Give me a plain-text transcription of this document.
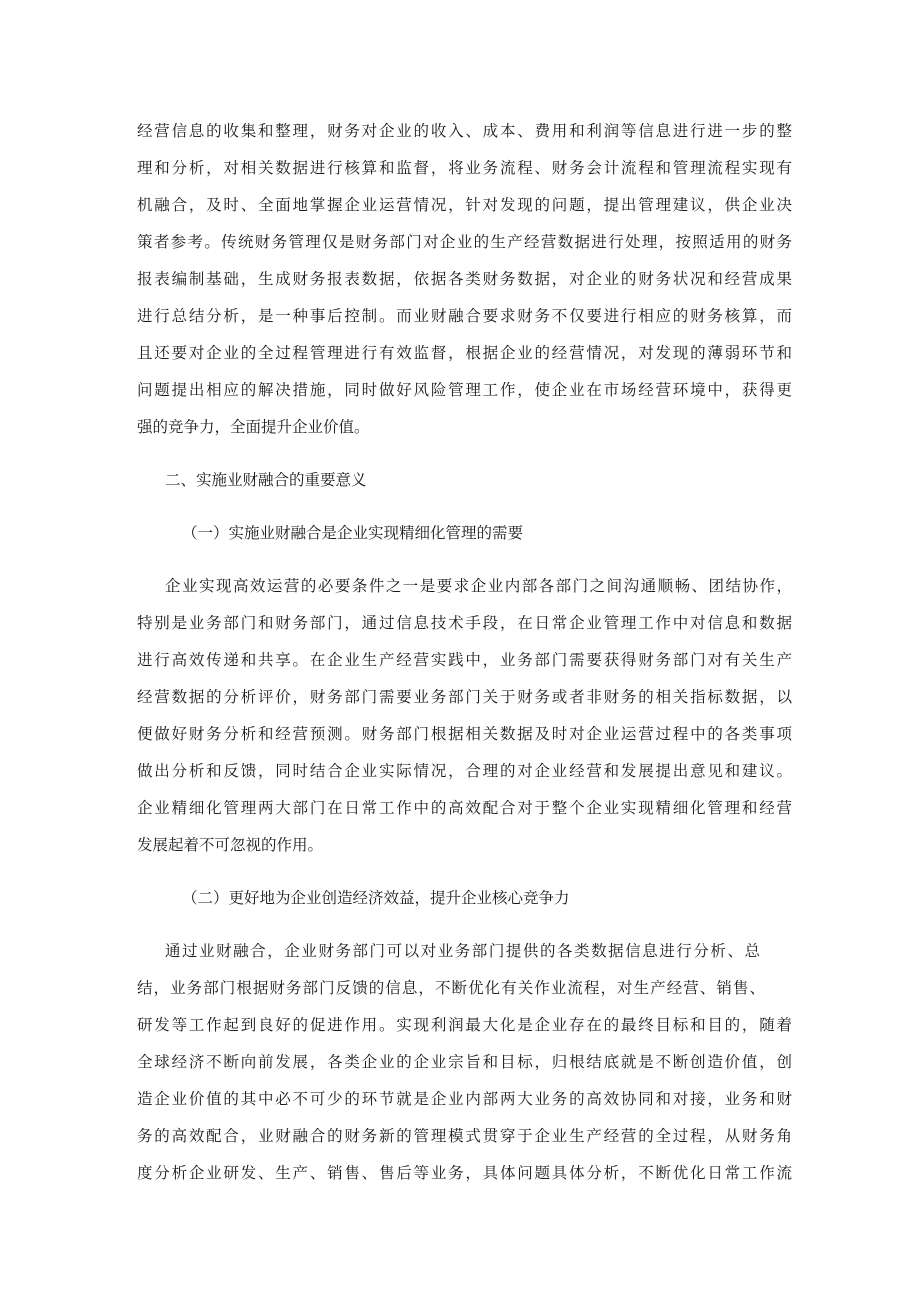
经营信息的收集和整理，财务对企业的收入、成本、费用和利润等信息进行进一步的整
理和分析，对相关数据进行核算和监督，将业务流程、财务会计流程和管理流程实现有
机融合，及时、全面地掌握企业运营情况，针对发现的问题，提出管理建议，供企业决
策者参考。传统财务管理仅是财务部门对企业的生产经营数据进行处理，按照适用的财务
报表编制基础，生成财务报表数据，依据各类财务数据，对企业的财务状况和经营成果
进行总结分析，是一种事后控制。而业财融合要求财务不仅要进行相应的财务核算，而
且还要对企业的全过程管理进行有效监督，根据企业的经营情况，对发现的薄弱环节和
问题提出相应的解决措施，同时做好风险管理工作，使企业在市场经营环境中，获得更
强的竞争力，全面提升企业价值。
二、实施业财融合的重要意义
（一）实施业财融合是企业实现精细化管理的需要
企业实现高效运营的必要条件之一是要求企业内部各部门之间沟通顺畅、团结协作，
特别是业务部门和财务部门，通过信息技术手段，在日常企业管理工作中对信息和数据
进行高效传递和共享。在企业生产经营实践中，业务部门需要获得财务部门对有关生产
经营数据的分析评价，财务部门需要业务部门关于财务或者非财务的相关指标数据，以
便做好财务分析和经营预测。财务部门根据相关数据及时对企业运营过程中的各类事项
做出分析和反馈，同时结合企业实际情况，合理的对企业经营和发展提出意见和建议。
企业精细化管理两大部门在日常工作中的高效配合对于整个企业实现精细化管理和经营
发展起着不可忽视的作用。
（二）更好地为企业创造经济效益，提升企业核心竞争力
通过业财融合，企业财务部门可以对业务部门提供的各类数据信息进行分析、总
结，业务部门根据财务部门反馈的信息，不断优化有关作业流程，对生产经营、销售、
研发等工作起到良好的促进作用。实现利润最大化是企业存在的最终目标和目的，随着
全球经济不断向前发展，各类企业的企业宗旨和目标，归根结底就是不断创造价值，创
造企业价值的其中必不可少的环节就是企业内部两大业务的高效协同和对接，业务和财
务的高效配合，业财融合的财务新的管理模式贯穿于企业生产经营的全过程，从财务角
度分析企业研发、生产、销售、售后等业务，具体问题具体分析，不断优化日常工作流
